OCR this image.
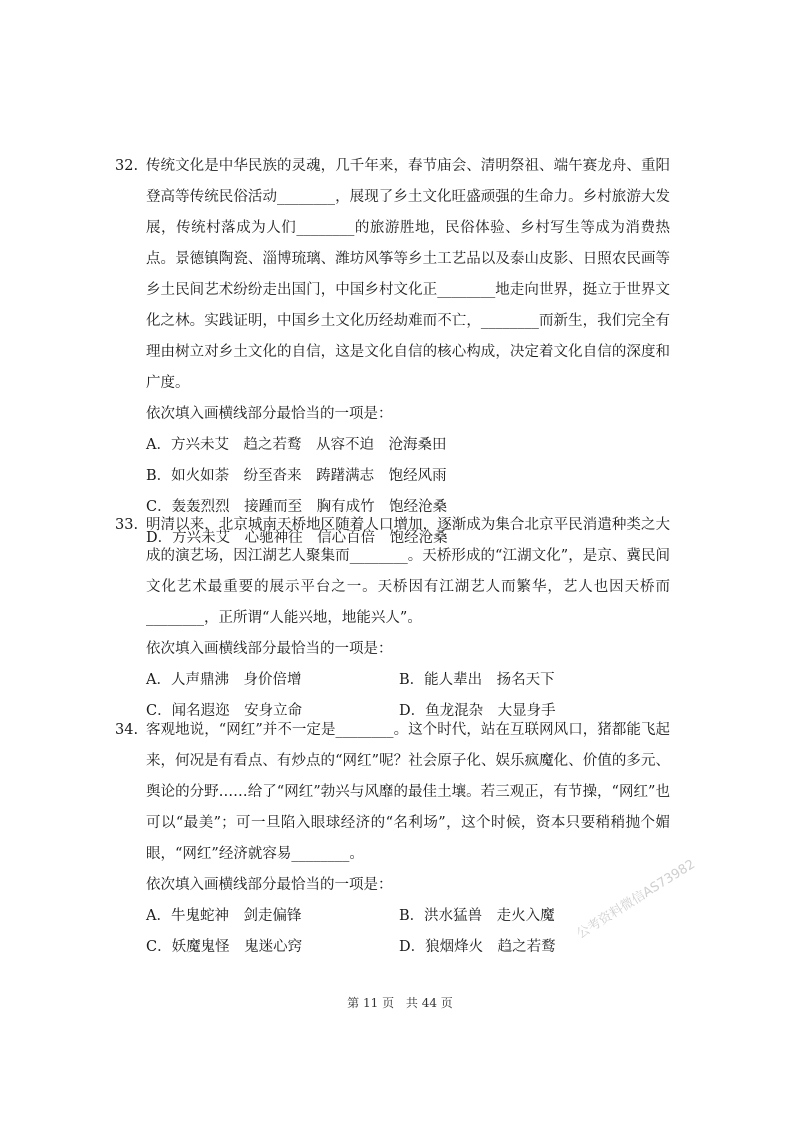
32. 传统文化是中华民族的灵魂，几千年来，春节庙会、清明祭祖、端午赛龙舟、重阳登高等传统民俗活动________，展现了乡土文化旺盛顽强的生命力。乡村旅游大发展，传统村落成为人们________的旅游胜地，民俗体验、乡村写生等成为消费热点。景德镇陶瓷、淄博琉璃、潍坊风筝等乡土工艺品以及泰山皮影、日照农民画等乡土民间艺术纷纷走出国门，中国乡村文化正________地走向世界，挺立于世界文化之林。实践证明，中国乡土文化历经劫难而不亡，________而新生，我们完全有理由树立对乡土文化的自信，这是文化自信的核心构成，决定着文化自信的深度和广度。
依次填入画横线部分最恰当的一项是：
A．方兴未艾　趋之若鹜　从容不迫　沧海桑田
B．如火如荼　纷至沓来　踌躇满志　饱经风雨
C．轰轰烈烈　接踵而至　胸有成竹　饱经沧桑
D．方兴未艾　心驰神往　信心百倍　饱经沧桑
33. 明清以来，北京城南天桥地区随着人口增加，逐渐成为集合北京平民消遣种类之大成的演艺场，因江湖艺人聚集而________。天桥形成的“江湖文化”，是京、冀民间文化艺术最重要的展示平台之一。天桥因有江湖艺人而繁华，艺人也因天桥而________，正所谓“人能兴地，地能兴人”。
依次填入画横线部分最恰当的一项是：
A．人声鼎沸　身价倍增	B．能人辈出　扬名天下
C．闻名遐迩　安身立命	D．鱼龙混杂　大显身手
34. 客观地说，“网红”并不一定是________。这个时代，站在互联网风口，猪都能飞起来，何况是有看点、有炒点的“网红”呢？社会原子化、娱乐疯魔化、价值的多元、舆论的分野……给了“网红”勃兴与风靡的最佳土壤。若三观正，有节操，“网红”也可以“最美”；可一旦陷入眼球经济的“名利场”，这个时候，资本只要稍稍抛个媚眼，“网红”经济就容易________。
依次填入画横线部分最恰当的一项是：
A．牛鬼蛇神　剑走偏锋	B．洪水猛兽　走火入魔
C．妖魔鬼怪　鬼迷心窍	D．狼烟烽火　趋之若鹜
公考资料微信AS73982
第 11 页 共 44 页
